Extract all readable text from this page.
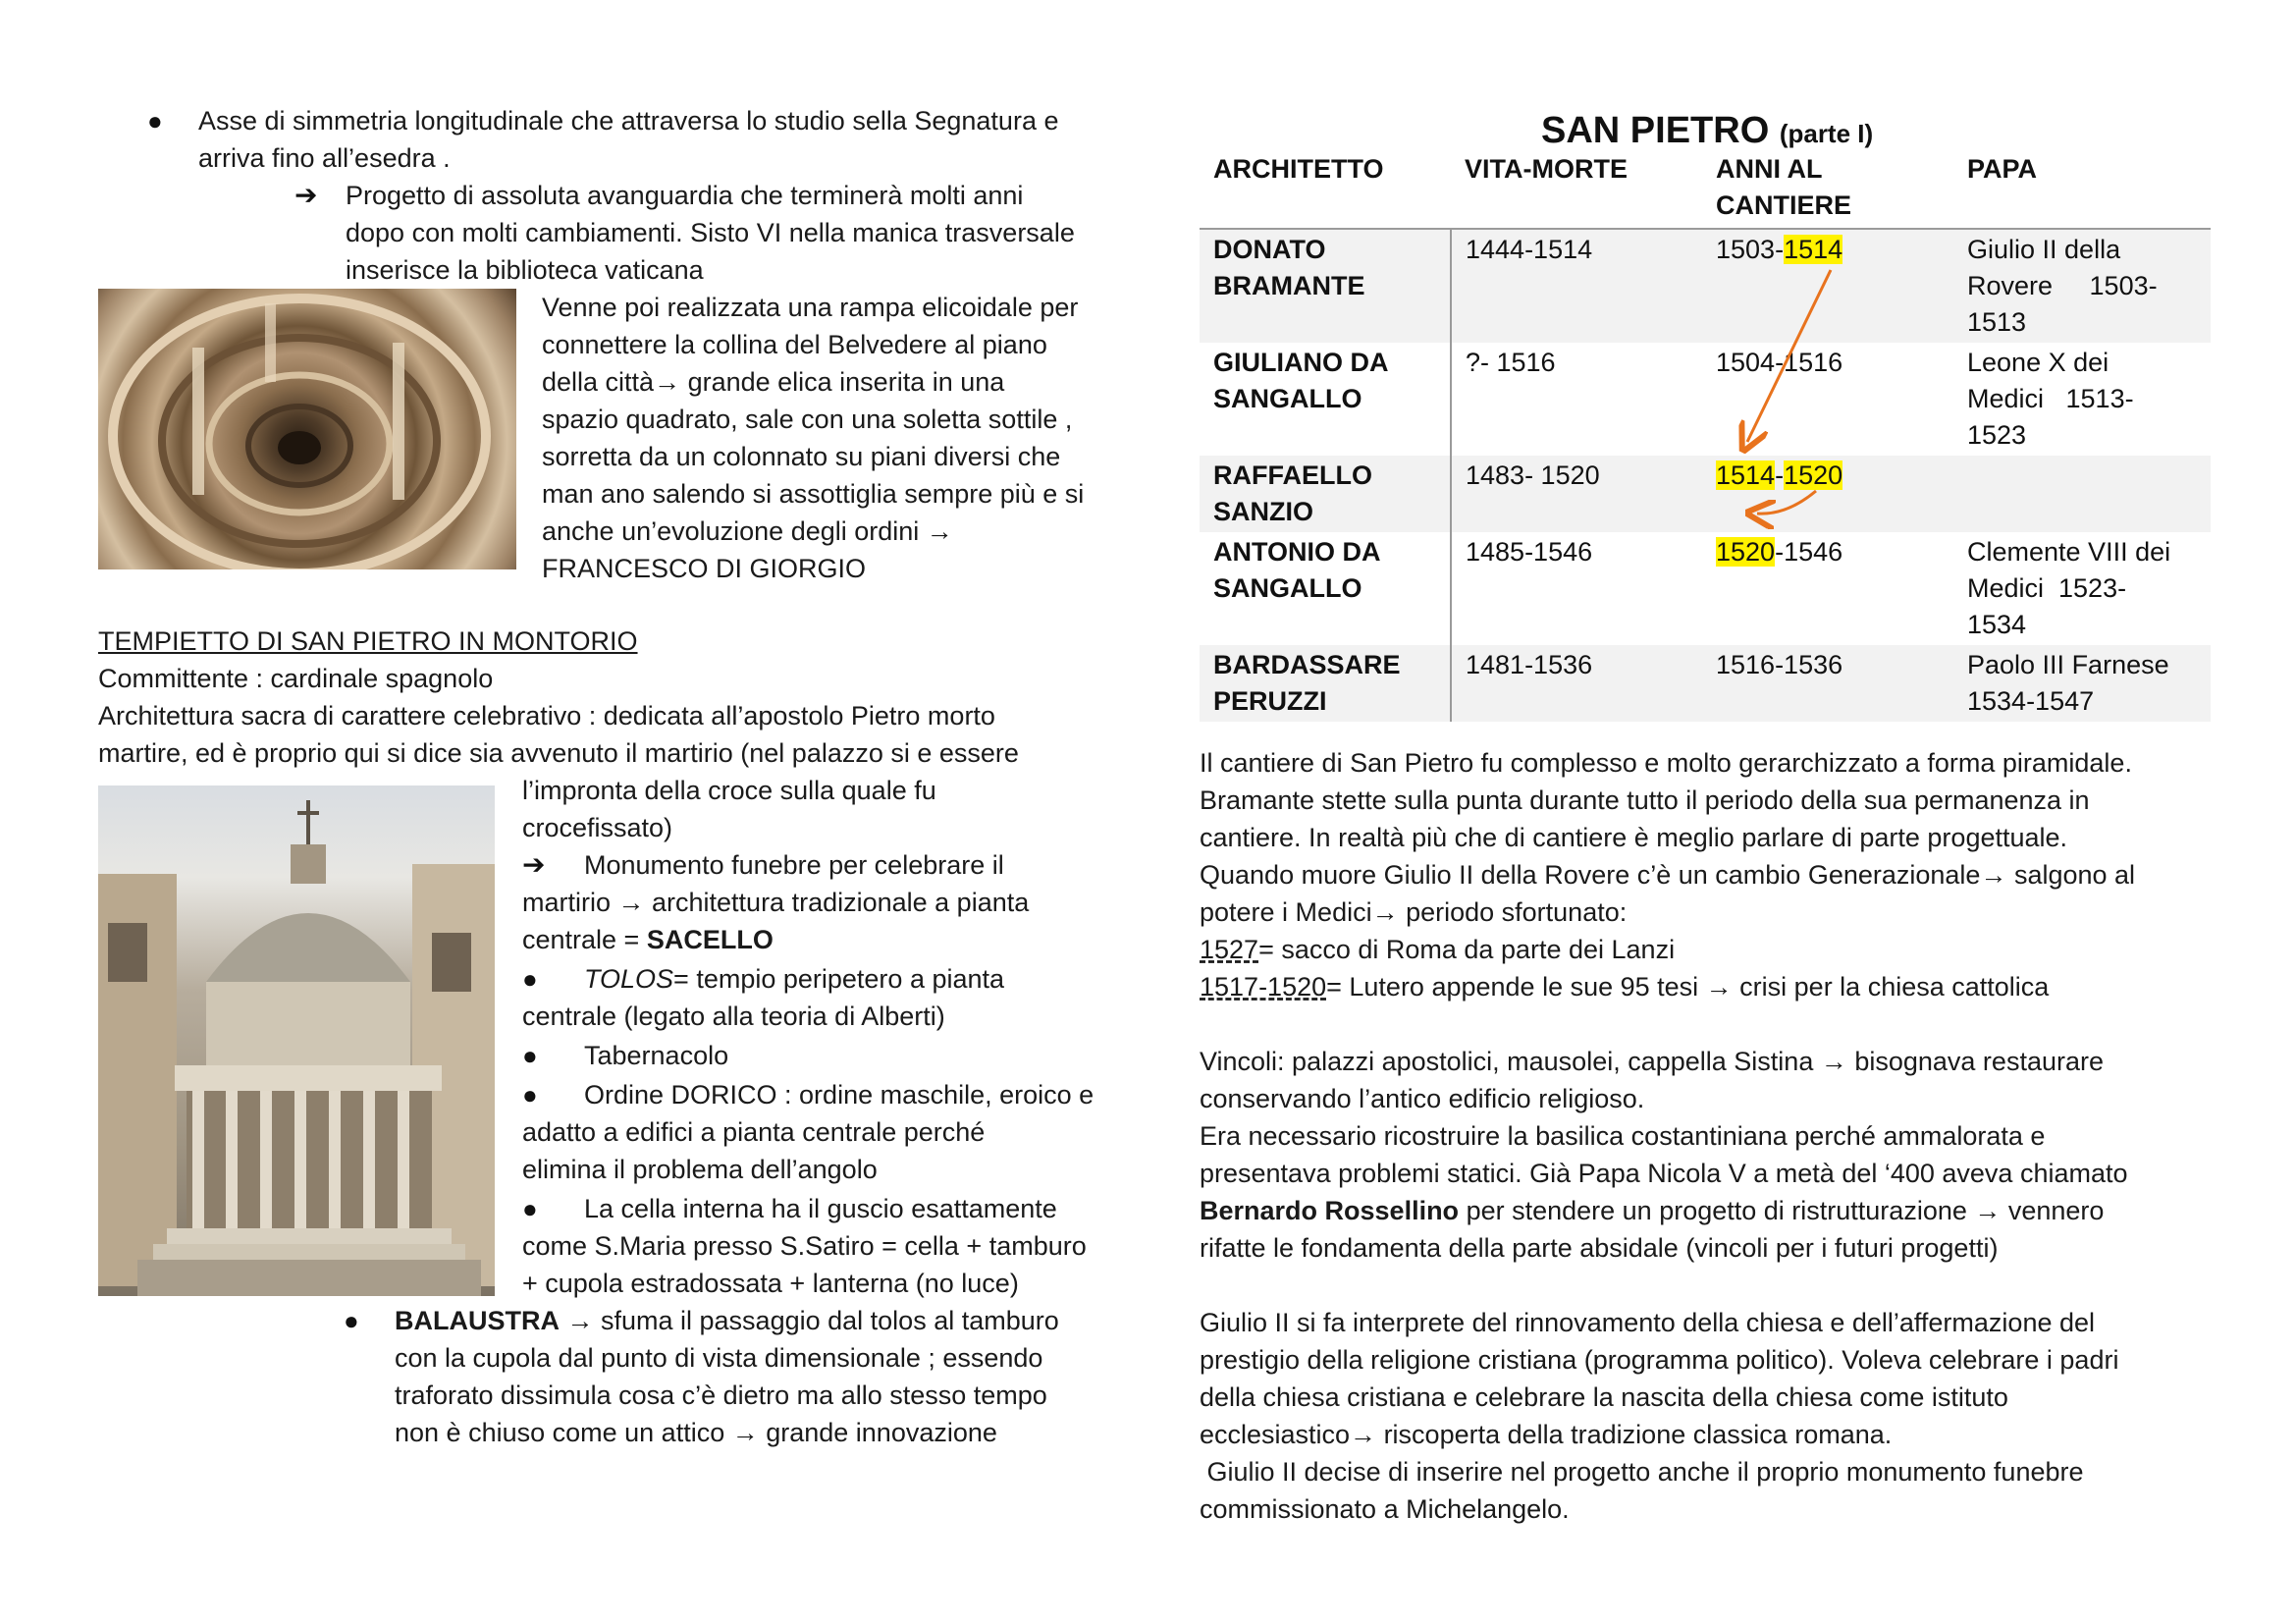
● Asse di simmetria longitudinale che attraversa lo studio sella Segnatura e
arriva fino all’esedra .
➔ Progetto di assoluta avanguardia che terminerà molti anni
dopo con molti cambiamenti. Sisto VI nella manica trasversale
inserisce la biblioteca vaticana
Venne poi realizzata una rampa elicoidale per
connettere la collina del Belvedere al piano
della città→ grande elica inserita in una
spazio quadrato, sale con una soletta sottile ,
sorretta da un colonnato su piani diversi che
man ano salendo si assottiglia sempre più e si
anche un’evoluzione degli ordini →
FRANCESCO DI GIORGIO
TEMPIETTO DI SAN PIETRO IN MONTORIO
Committente : cardinale spagnolo
Architettura sacra di carattere celebrativo : dedicata all’apostolo Pietro morto
martire, ed è proprio qui si dice sia avvenuto il martirio (nel palazzo si e essere
l’impronta della croce sulla quale fu
crocefissato)
➔ Monumento funebre per celebrare il
martirio → architettura tradizionale a pianta
centrale = SACELLO
● TOLOS= tempio peripetero a pianta
centrale (legato alla teoria di Alberti)
● Tabernacolo
● Ordine DORICO : ordine maschile, eroico e
adatto a edifici a pianta centrale perché
elimina il problema dell’angolo
● La cella interna ha il guscio esattamente
come S.Maria presso S.Satiro = cella + tamburo
+ cupola estradossata + lanterna (no luce)
● BALAUSTRA → sfuma il passaggio dal tolos al tamburo
con la cupola dal punto di vista dimensionale ; essendo
traforato dissimula cosa c’è dietro ma allo stesso tempo
non è chiuso come un attico → grande innovazione
SAN PIETRO (parte I)
ARCHITETTO	VITA-MORTE	ANNI AL
CANTIERE	PAPA
DONATO
BRAMANTE	1444-1514	1503-1514	Giulio II della
Rovere     1503-
1513
GIULIANO DA
SANGALLO	?- 1516	1504-1516	Leone X dei
Medici   1513-
1523
RAFFAELLO
SANZIO	1483- 1520	1514-1520	
ANTONIO DA
SANGALLO	1485-1546	1520-1546	Clemente VIII dei
Medici  1523-
1534
BARDASSARE
PERUZZI	1481-1536	1516-1536	Paolo III Farnese
1534-1547
Il cantiere di San Pietro fu complesso e molto gerarchizzato a forma piramidale.
Bramante stette sulla punta durante tutto il periodo della sua permanenza in
cantiere. In realtà più che di cantiere è meglio parlare di parte progettuale.
Quando muore Giulio II della Rovere c’è un cambio Generazionale→ salgono al
potere i Medici→ periodo sfortunato:
1527= sacco di Roma da parte dei Lanzi
1517-1520= Lutero appende le sue 95 tesi → crisi per la chiesa cattolica
Vincoli: palazzi apostolici, mausolei, cappella Sistina → bisognava restaurare
conservando l’antico edificio religioso.
Era necessario ricostruire la basilica costantiniana perché ammalorata e
presentava problemi statici. Già Papa Nicola V a metà del ‘400 aveva chiamato
Bernardo Rossellino per stendere un progetto di ristrutturazione → vennero
rifatte le fondamenta della parte absidale (vincoli per i futuri progetti)
Giulio II si fa interprete del rinnovamento della chiesa e dell’affermazione del
prestigio della religione cristiana (programma politico). Voleva celebrare i padri
della chiesa cristiana e celebrare la nascita della chiesa come istituto
ecclesiastico→ riscoperta della tradizione classica romana.
Giulio II decise di inserire nel progetto anche il proprio monumento funebre
commissionato a Michelangelo.
